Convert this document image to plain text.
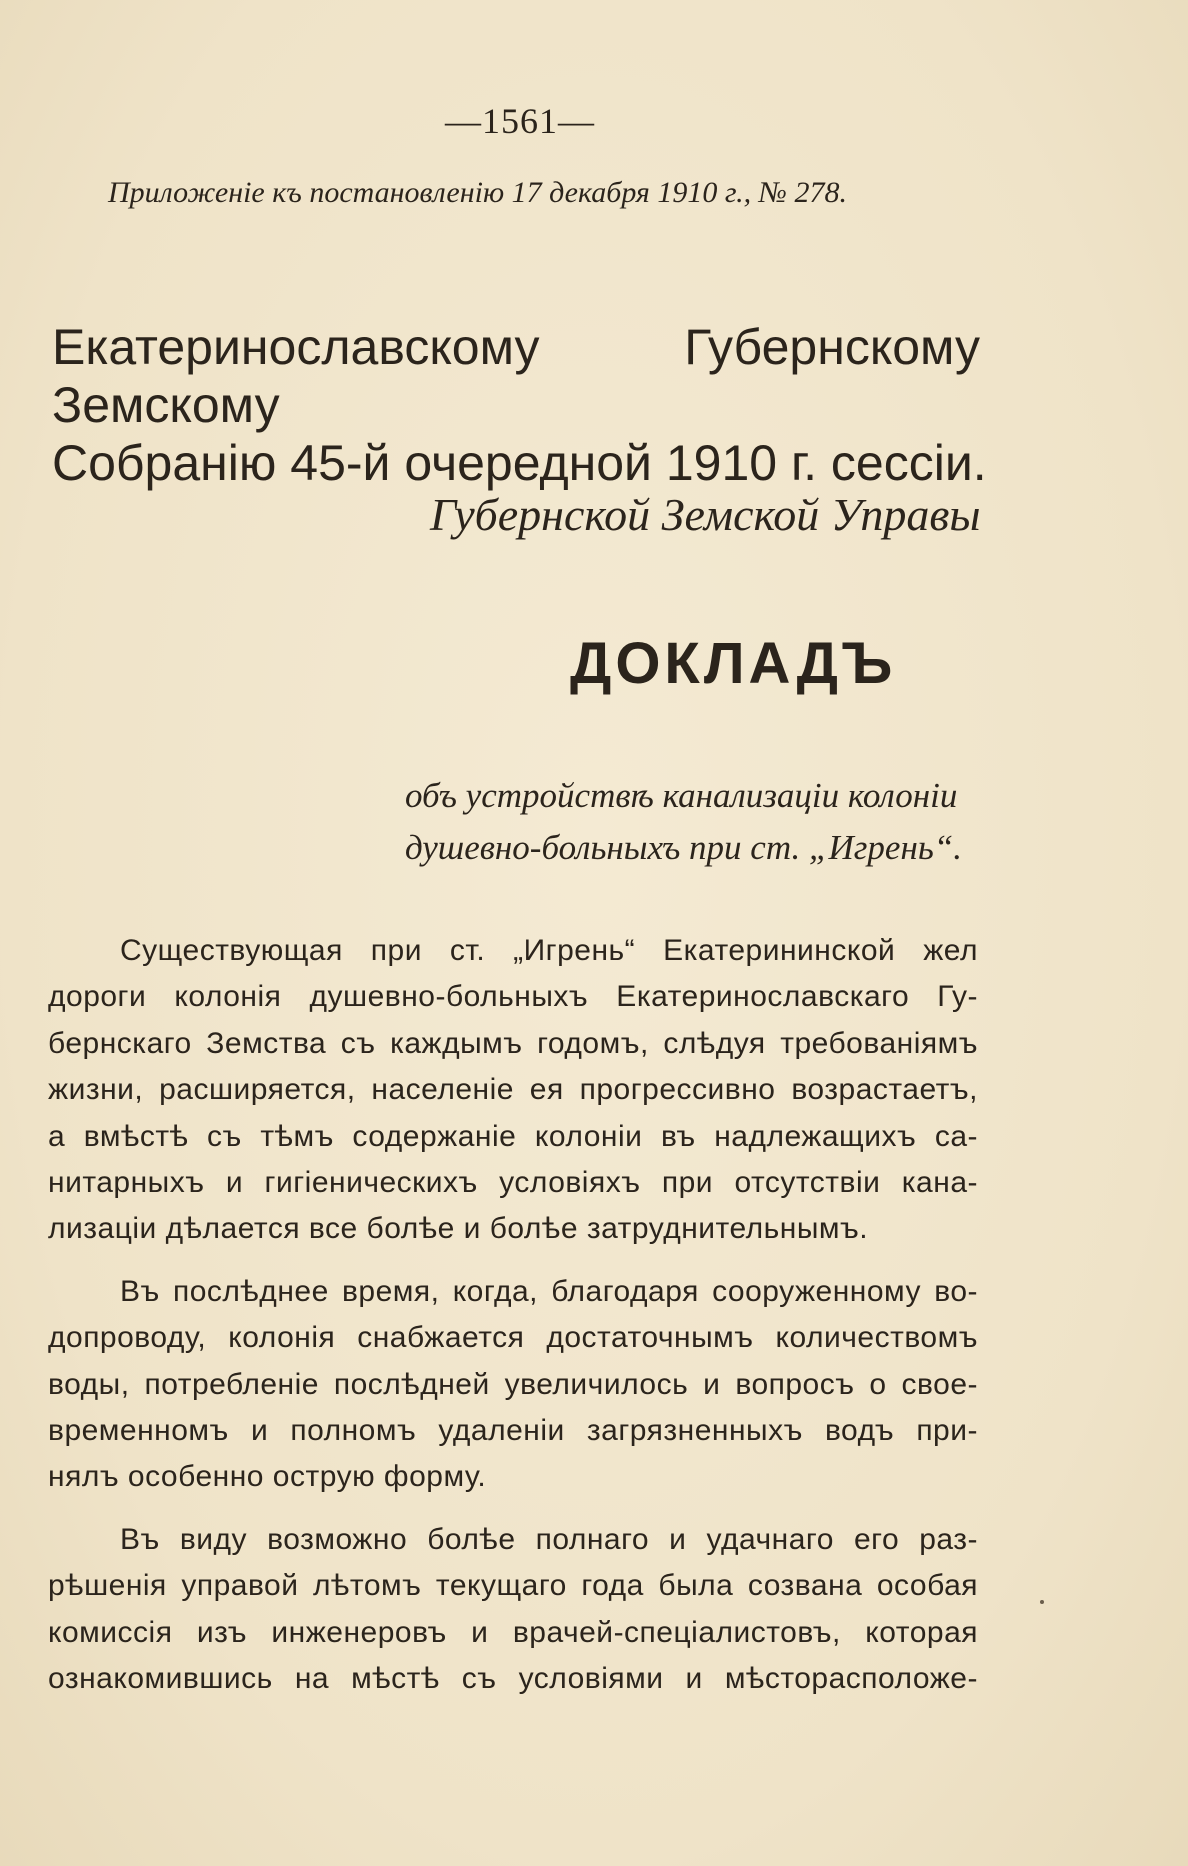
—1561—
Приложенiе къ постановленiю 17 декабря 1910 г., № 278.
Екатеринославскому Губернскому Земскому
Собранiю 45-й очередной 1910 г. сессiи.
Губернской Земской Управы
ДОКЛАДЪ
объ устройствѣ канализацiи колонiи
душевно-больныхъ при ст. „Игрень“.
Существующая при ст. „Игрень“ Екатерининской жел
дороги колонiя душевно-больныхъ Екатеринославскаго Гу-
бернскаго Земства съ каждымъ годомъ, слѣдуя требованiямъ
жизни, расширяется, населенiе ея прогрессивно возрастаетъ,
а вмѣстѣ съ тѣмъ содержанiе колонiи въ надлежащихъ са-
нитарныхъ и гигiеническихъ условiяхъ при отсутствiи кана-
лизацiи дѣлается все болѣе и болѣе затруднительнымъ.
Въ послѣднее время, когда, благодаря сооруженному во-
допроводу, колонiя снабжается достаточнымъ количествомъ
воды, потребленiе послѣдней увеличилось и вопросъ о свое-
временномъ и полномъ удаленiи загрязненныхъ водъ при-
нялъ особенно острую форму.
Въ виду возможно болѣе полнаго и удачнаго его раз-
рѣшенiя управой лѣтомъ текущаго года была созвана особая
комиссiя изъ инженеровъ и врачей-спецiалистовъ, которая
ознакомившись на мѣстѣ съ условiями и мѣсторасположе-
